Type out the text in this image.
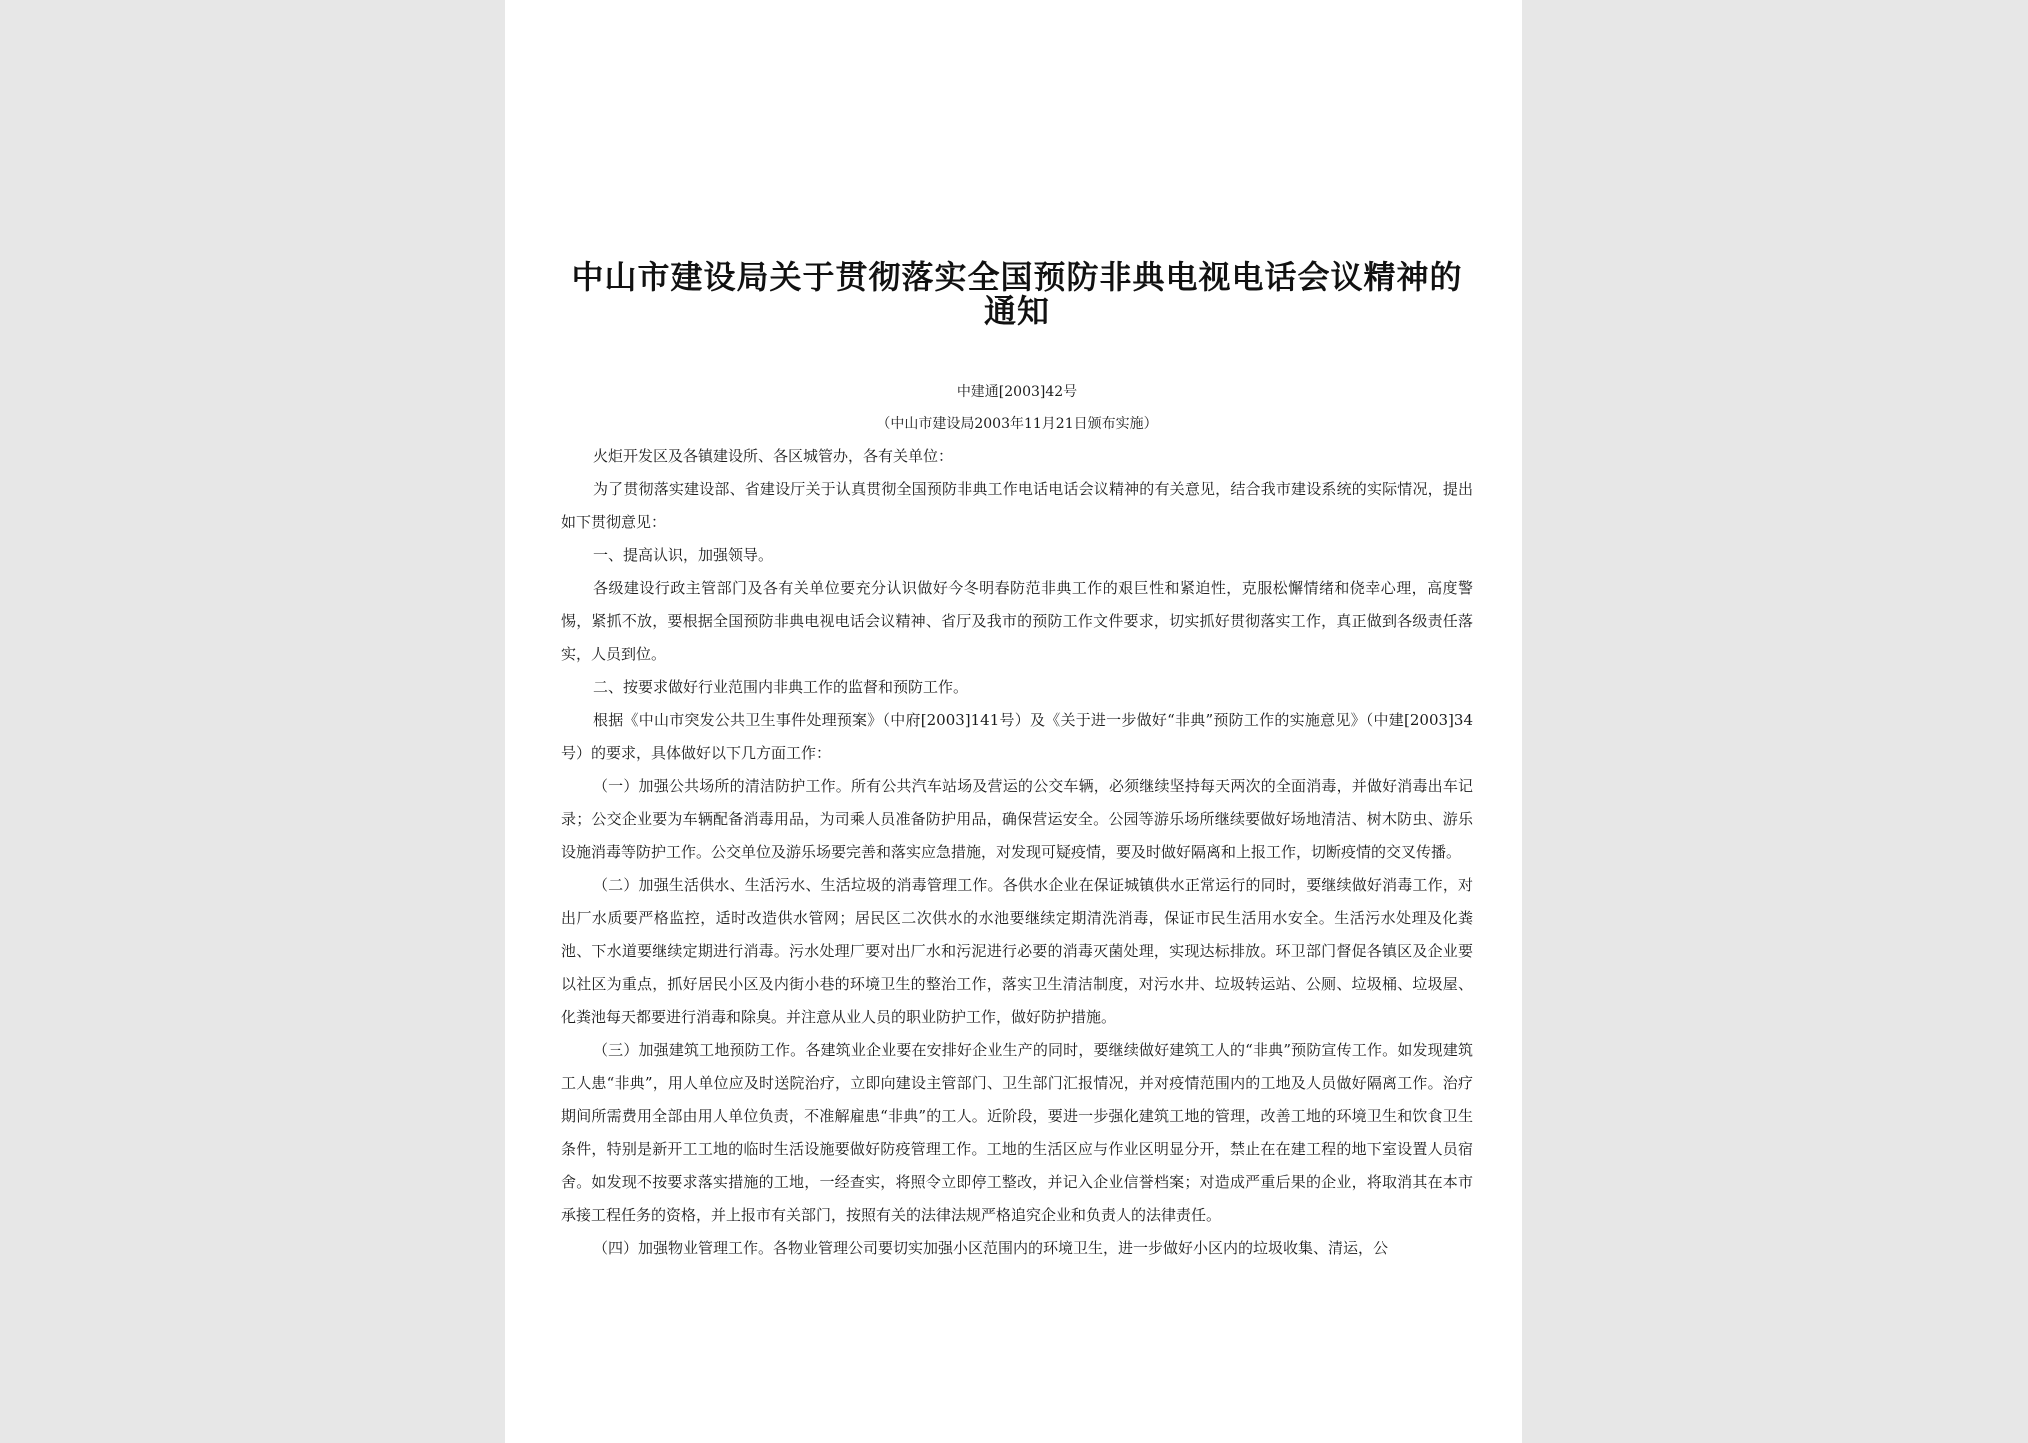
中山市建设局关于贯彻落实全国预防非典电视电话会议精神的通知
中建通[2003]42号
（中山市建设局2003年11月21日颁布实施）

火炬开发区及各镇建设所、各区城管办，各有关单位：

为了贯彻落实建设部、省建设厅关于认真贯彻全国预防非典工作电话电话会议精神的有关意见，结合我市建设系统的实际情况，提出如下贯彻意见：

一、提高认识，加强领导。

各级建设行政主管部门及各有关单位要充分认识做好今冬明春防范非典工作的艰巨性和紧迫性，克服松懈情绪和侥幸心理，高度警惕，紧抓不放，要根据全国预防非典电视电话会议精神、省厅及我市的预防工作文件要求，切实抓好贯彻落实工作，真正做到各级责任落实，人员到位。

二、按要求做好行业范围内非典工作的监督和预防工作。

根据《中山市突发公共卫生事件处理预案》（中府[2003]141号）及《关于进一步做好“非典”预防工作的实施意见》（中建[2003]34号）的要求，具体做好以下几方面工作：

（一）加强公共场所的清洁防护工作。所有公共汽车站场及营运的公交车辆，必须继续坚持每天两次的全面消毒，并做好消毒出车记录；公交企业要为车辆配备消毒用品，为司乘人员准备防护用品，确保营运安全。公园等游乐场所继续要做好场地清洁、树木防虫、游乐设施消毒等防护工作。公交单位及游乐场要完善和落实应急措施，对发现可疑疫情，要及时做好隔离和上报工作，切断疫情的交叉传播。

（二）加强生活供水、生活污水、生活垃圾的消毒管理工作。各供水企业在保证城镇供水正常运行的同时，要继续做好消毒工作，对出厂水质要严格监控，适时改造供水管网；居民区二次供水的水池要继续定期清洗消毒，保证市民生活用水安全。生活污水处理及化粪池、下水道要继续定期进行消毒。污水处理厂要对出厂水和污泥进行必要的消毒灭菌处理，实现达标排放。环卫部门督促各镇区及企业要以社区为重点，抓好居民小区及内街小巷的环境卫生的整治工作，落实卫生清洁制度，对污水井、垃圾转运站、公厕、垃圾桶、垃圾屋、化粪池每天都要进行消毒和除臭。并注意从业人员的职业防护工作，做好防护措施。

（三）加强建筑工地预防工作。各建筑业企业要在安排好企业生产的同时，要继续做好建筑工人的“非典”预防宣传工作。如发现建筑工人患“非典”，用人单位应及时送院治疗，立即向建设主管部门、卫生部门汇报情况，并对疫情范围内的工地及人员做好隔离工作。治疗期间所需费用全部由用人单位负责，不准解雇患“非典”的工人。近阶段，要进一步强化建筑工地的管理，改善工地的环境卫生和饮食卫生条件，特别是新开工工地的临时生活设施要做好防疫管理工作。工地的生活区应与作业区明显分开，禁止在在建工程的地下室设置人员宿舍。如发现不按要求落实措施的工地，一经查实，将照令立即停工整改，并记入企业信誉档案；对造成严重后果的企业，将取消其在本市承接工程任务的资格，并上报市有关部门，按照有关的法律法规严格追究企业和负责人的法律责任。

（四）加强物业管理工作。各物业管理公司要切实加强小区范围内的环境卫生，进一步做好小区内的垃圾收集、清运，公
